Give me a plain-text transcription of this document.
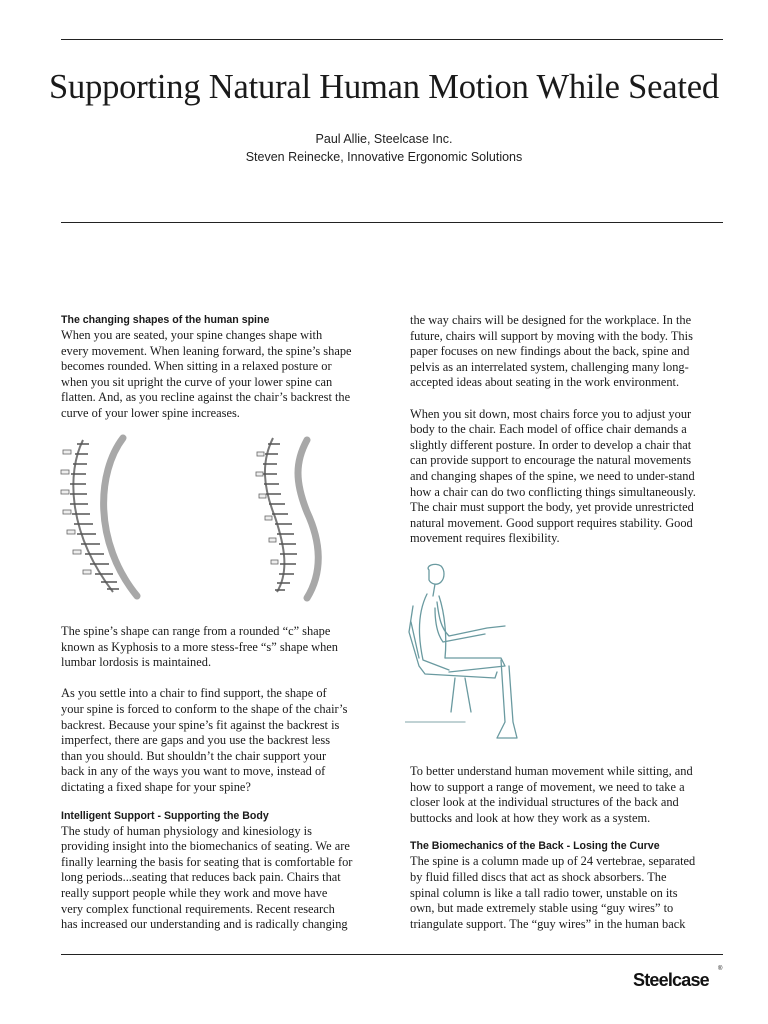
Supporting Natural Human Motion While Seated
Paul Allie, Steelcase Inc.
Steven Reinecke, Innovative Ergonomic Solutions
The changing shapes of the human spine

When you are seated, your spine changes shape with
every movement. When leaning forward, the spine’s shape
becomes rounded. When sitting in a relaxed posture or
when you sit upright the curve of your lower spine can
flatten. And, as you recline against the chair’s backrest the
curve of your lower spine increases.

The spine’s shape can range from a rounded “c” shape
known as Kyphosis to a more stess-free “s” shape when
lumbar lordosis is maintained.

As you settle into a chair to find support, the shape of
your spine is forced to conform to the shape of the chair’s
backrest. Because your spine’s fit against the backrest is
imperfect, there are gaps and you use the backrest less
than you should. But shouldn’t the chair support your
back in any of the ways you want to move, instead of
dictating a fixed shape for your spine?

Intelligent Support - Supporting the Body

The study of human physiology and kinesiology is
providing insight into the biomechanics of seating. We are
finally learning the basis for seating that is comfortable for
long periods...seating that reduces back pain. Chairs that
really support people while they work and move have
very complex functional requirements. Recent research
has increased our understanding and is radically changing

the way chairs will be designed for the workplace. In the
future, chairs will support by moving with the body. This
paper focuses on new findings about the back, spine and
pelvis as an interrelated system, challenging many long-
accepted ideas about seating in the work environment.

When you sit down, most chairs force you to adjust your
body to the chair. Each model of office chair demands a
slightly different posture. In order to develop a chair that
can provide support to encourage the natural movements
and changing shapes of the spine, we need to under-stand
how a chair can do two conflicting things simultaneously.
The chair must support the body, yet provide unrestricted
natural movement. Good support requires stability. Good
movement requires flexibility.

To better understand human movement while sitting, and
how to support a range of movement, we need to take a
closer look at the individual structures of the back and
buttocks and look at how they work as a system.

The Biomechanics of the Back - Losing the Curve

The spine is a column made up of 24 vertebrae, separated
by fluid filled discs that act as shock absorbers. The
spinal column is like a tall radio tower, unstable on its
own, but made extremely stable using “guy wires” to
triangulate support. The “guy wires” in the human back

Steelcase
®
